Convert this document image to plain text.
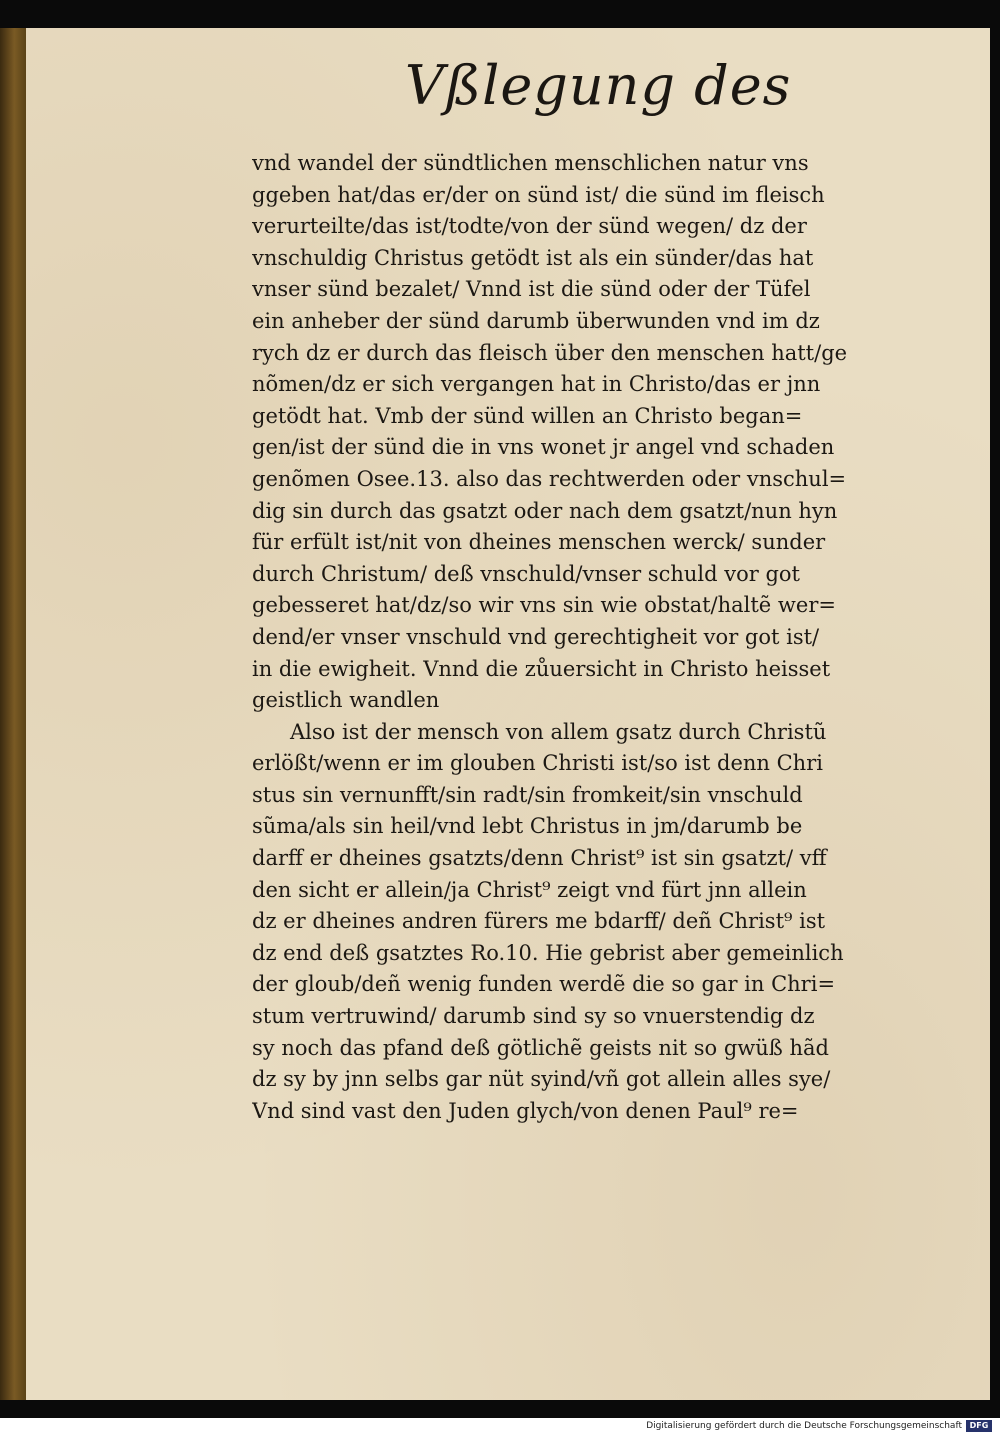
Vßlegung des
vnd wandel der sündtlichen menschlichen natur vns
ggeben hat/das er/der on sünd ist/ die sünd im fleisch
verurteilte/das ist/todte/von der sünd wegen/ dz der
vnschuldig Christus getödt ist als ein sünder/das hat
vnser sünd bezalet/ Vnnd ist die sünd oder der Tüfel
ein anheber der sünd darumb überwunden vnd im dz
rych dz er durch das fleisch über den menschen hatt/ge
nõmen/dz er sich vergangen hat in Christo/das er jnn
getödt hat. Vmb der sünd willen an Christo began=
gen/ist der sünd die in vns wonet jr angel vnd schaden
genõmen Osee.13. also das rechtwerden oder vnschul=
dig sin durch das gsatzt oder nach dem gsatzt/nun hyn
für erfült ist/nit von dheines menschen werck/ sunder
durch Christum/ deß vnschuld/vnser schuld vor got
gebesseret hat/dz/so wir vns sin wie obstat/haltẽ wer=
dend/er vnser vnschuld vnd gerechtigheit vor got ist/
in die ewigheit. Vnnd die zůuersicht in Christo heisset
geistlich wandlen
Also ist der mensch von allem gsatz durch Christũ
erlößt/wenn er im glouben Christi ist/so ist denn Chri
stus sin vernunfft/sin radt/sin fromkeit/sin vnschuld
sũma/als sin heil/vnd lebt Christus in jm/darumb be
darff er dheines gsatzts/denn Christ⁹ ist sin gsatzt/ vff
den sicht er allein/ja Christ⁹ zeigt vnd fürt jnn allein
dz er dheines andren fürers me bdarff/ deñ Christ⁹ ist
dz end deß gsatztes Ro.10. Hie gebrist aber gemeinlich
der gloub/deñ wenig funden werdẽ die so gar in Chri=
stum vertruwind/ darumb sind sy so vnuerstendig dz
sy noch das pfand deß götlichẽ geists nit so gwüß hãd
dz sy by jnn selbs gar nüt syind/vñ got allein alles sye/
Vnd sind vast den Juden glych/von denen Paul⁹ re=
Digitalisierung gefördert durch die Deutsche Forschungsgemeinschaft DFG
